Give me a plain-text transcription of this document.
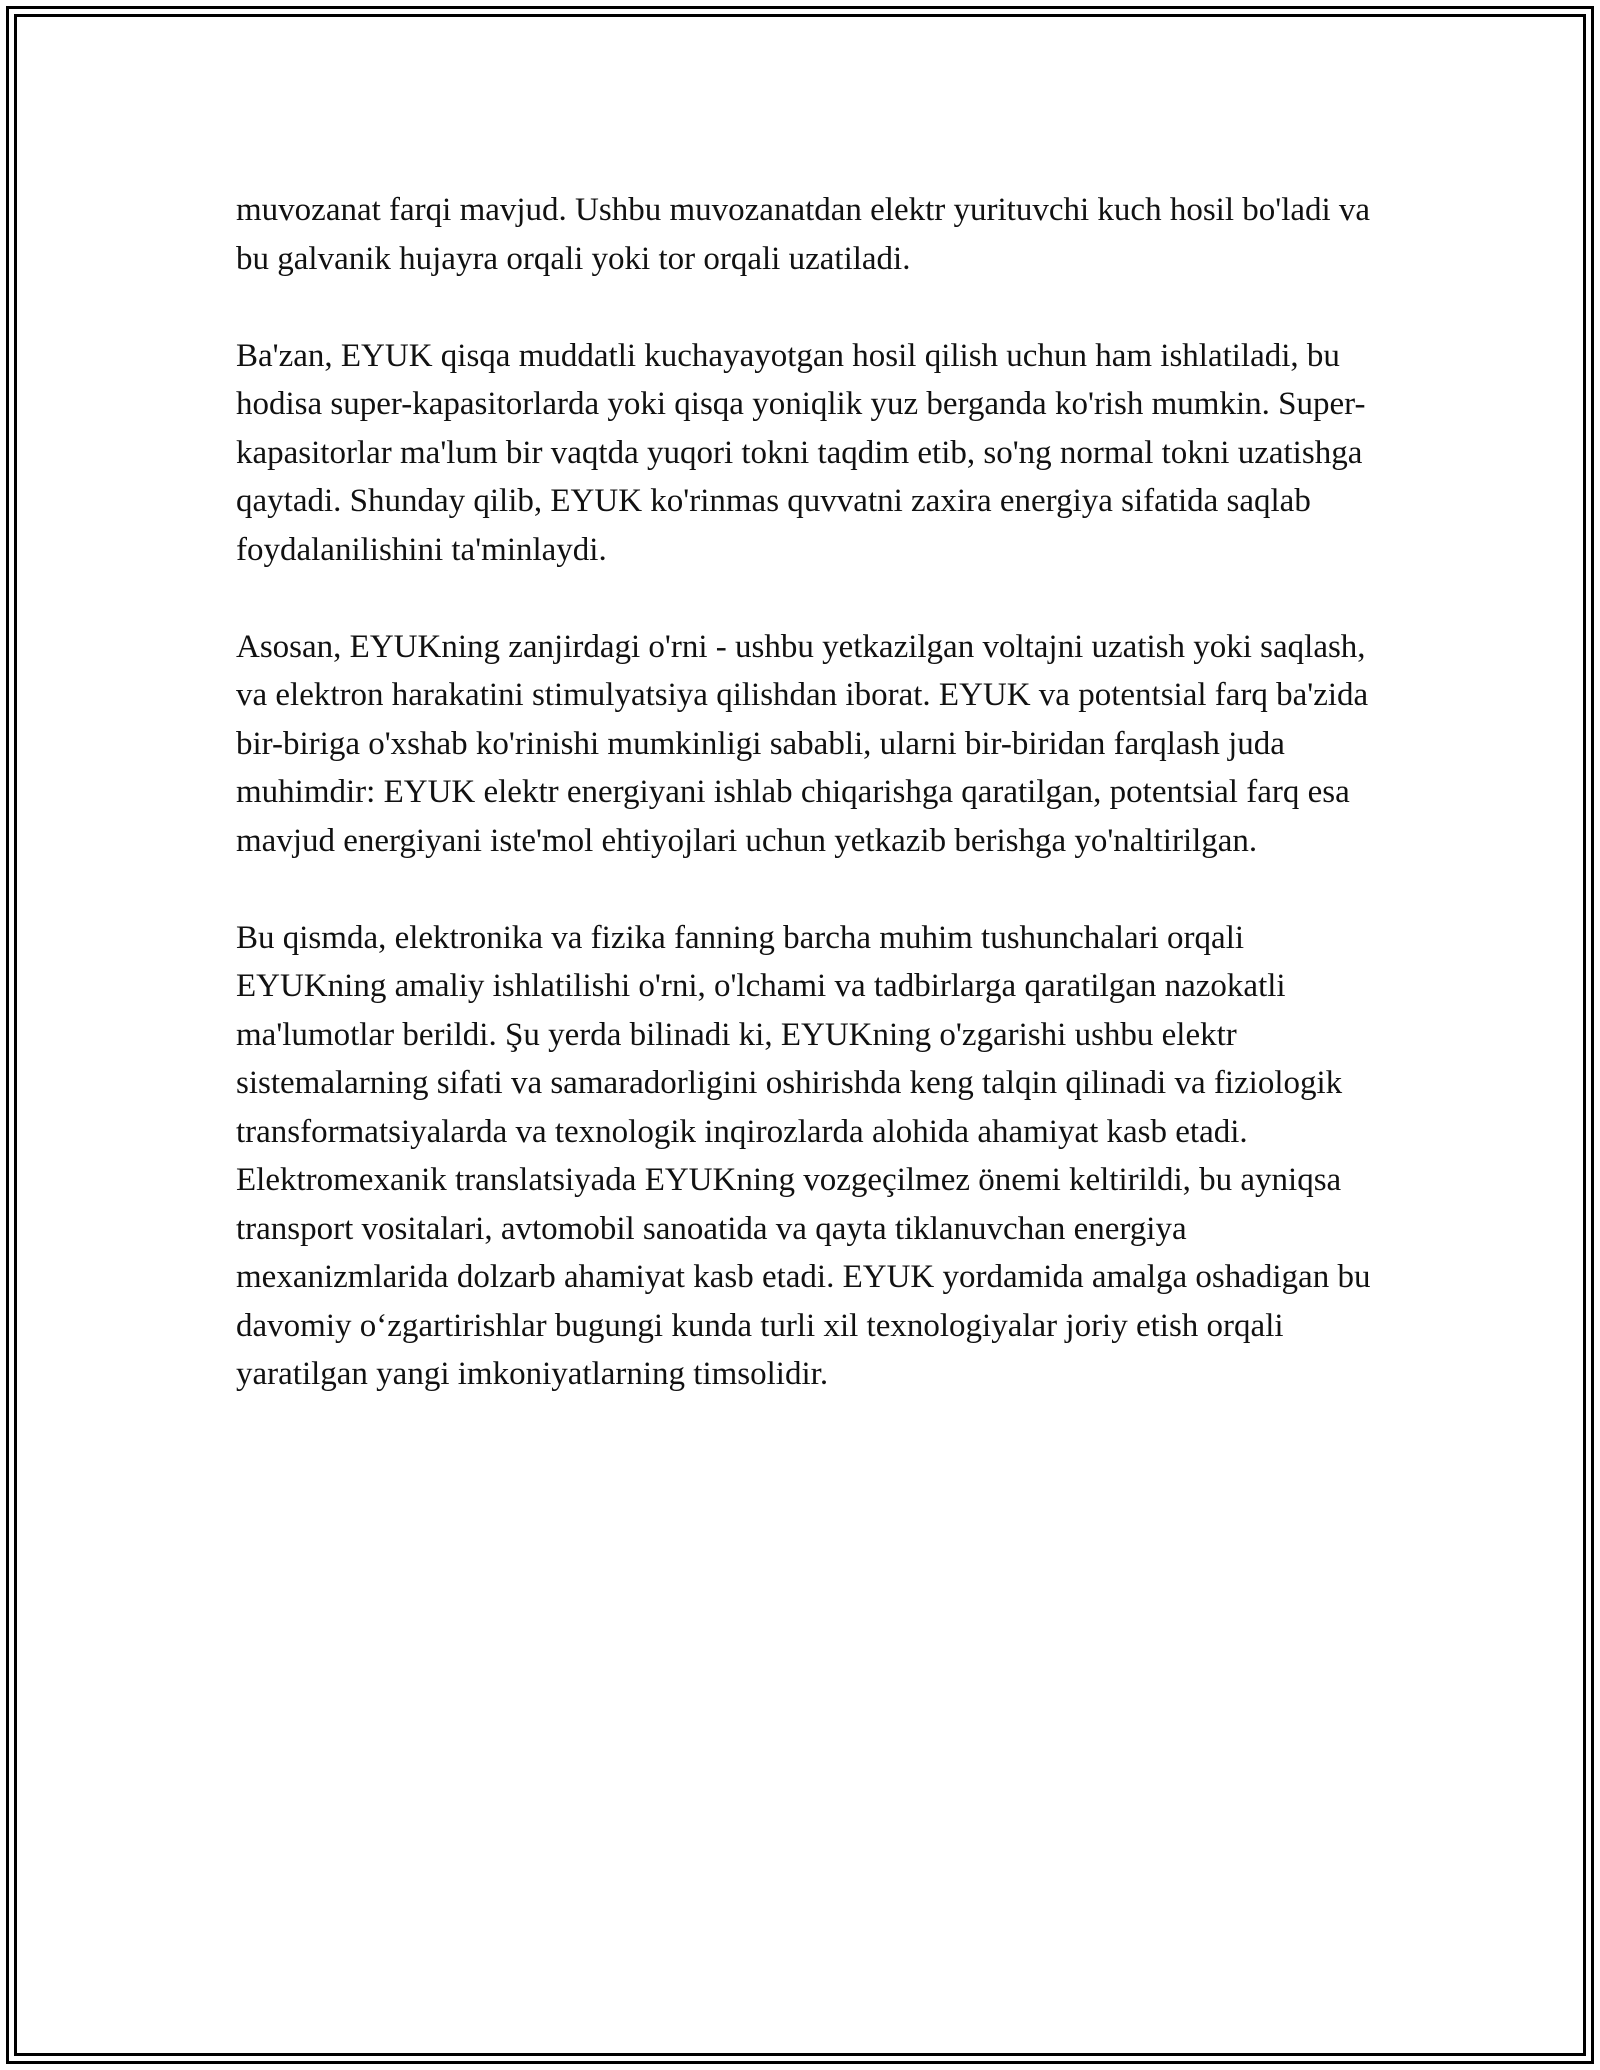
muvozanat farqi mavjud. Ushbu muvozanatdan elektr yurituvchi kuch hosil bo'ladi va bu galvanik hujayra orqali yoki tor orqali uzatiladi.

Ba'zan, EYUK qisqa muddatli kuchayayotgan hosil qilish uchun ham ishlatiladi, bu hodisa super-kapasitorlarda yoki qisqa yoniqlik yuz berganda ko'rish mumkin. Super-kapasitorlar ma'lum bir vaqtda yuqori tokni taqdim etib, so'ng normal tokni uzatishga qaytadi. Shunday qilib, EYUK ko'rinmas quvvatni zaxira energiya sifatida saqlab foydalanilishini ta'minlaydi.

Asosan, EYUKning zanjirdagi o'rni - ushbu yetkazilgan voltajni uzatish yoki saqlash, va elektron harakatini stimulyatsiya qilishdan iborat. EYUK va potentsial farq ba'zida bir-biriga o'xshab ko'rinishi mumkinligi sababli, ularni bir-biridan farqlash juda muhimdir: EYUK elektr energiyani ishlab chiqarishga qaratilgan, potentsial farq esa mavjud energiyani iste'mol ehtiyojlari uchun yetkazib berishga yo'naltirilgan.

Bu qismda, elektronika va fizika fanning barcha muhim tushunchalari orqali EYUKning amaliy ishlatilishi o'rni, o'lchami va tadbirlarga qaratilgan nazokatli ma'lumotlar berildi. Şu yerda bilinadi ki, EYUKning o'zgarishi ushbu elektr sistemalarning sifati va samaradorligini oshirishda keng talqin qilinadi va fiziologik transformatsiyalarda va texnologik inqirozlarda alohida ahamiyat kasb etadi. Elektromexanik translatsiyada EYUKning vozgeçilmez önemi keltirildi, bu ayniqsa transport vositalari, avtomobil sanoatida va qayta tiklanuvchan energiya mexanizmlarida dolzarb ahamiyat kasb etadi. EYUK yordamida amalga oshadigan bu davomiy o‘zgartirishlar bugungi kunda turli xil texnologiyalar joriy etish orqali yaratilgan yangi imkoniyatlarning timsolidir.
